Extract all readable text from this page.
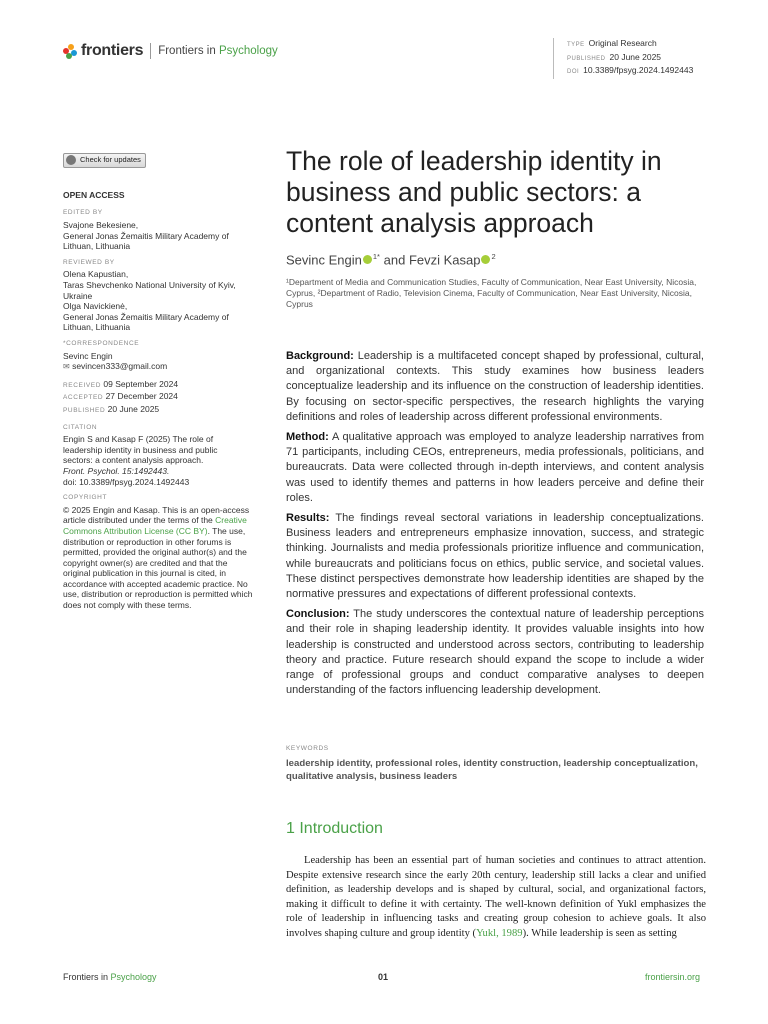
frontiers Frontiers in Psychology	TYPE Original Research
PUBLISHED 20 June 2025
DOI 10.3389/fpsyg.2024.1492443
Check for updates
OPEN ACCESS
EDITED BY
Svajone Bekesiene,
General Jonas Žemaitis Military Academy of
Lithuan, Lithuania
REVIEWED BY
Olena Kapustian,
Taras Shevchenko National University of Kyiv,
Ukraine
Olga Navickienė,
General Jonas Žemaitis Military Academy of
Lithuan, Lithuania
*CORRESPONDENCE
Sevinc Engin
✉ sevincen333@gmail.com
RECEIVED 09 September 2024
ACCEPTED 27 December 2024
PUBLISHED 20 June 2025
CITATION
Engin S and Kasap F (2025) The role of
leadership identity in business and public
sectors: a content analysis approach.
Front. Psychol. 15:1492443.
doi: 10.3389/fpsyg.2024.1492443
COPYRIGHT
© 2025 Engin and Kasap. This is an open-access article distributed under the terms of the Creative Commons Attribution License (CC BY). The use, distribution or reproduction in other forums is permitted, provided the original author(s) and the copyright owner(s) are credited and that the original publication in this journal is cited, in accordance with accepted academic practice. No use, distribution or reproduction is permitted which does not comply with these terms.
The role of leadership identity in business and public sectors: a content analysis approach
Sevinc Engin $^{1*}$ and Fevzi Kasap $^2$
¹Department of Media and Communication Studies, Faculty of Communication, Near East University, Nicosia, Cyprus, ²Department of Radio, Television Cinema, Faculty of Communication, Near East University, Nicosia, Cyprus

Background: Leadership is a multifaceted concept shaped by professional, cultural, and organizational contexts. This study examines how business leaders conceptualize leadership and its influence on the construction of leadership identities. By focusing on sector-specific perspectives, the research highlights the varying definitions and roles of leadership across different professional environments.

Method: A qualitative approach was employed to analyze leadership narratives from 71 participants, including CEOs, entrepreneurs, media professionals, politicians, and bureaucrats. Data were collected through in-depth interviews, and content analysis was used to identify themes and patterns in how leaders perceive and define their roles.

Results: The findings reveal sectoral variations in leadership conceptualizations. Business leaders and entrepreneurs emphasize innovation, success, and strategic thinking. Journalists and media professionals prioritize influence and communication, while bureaucrats and politicians focus on ethics, public service, and societal values. These distinct perspectives demonstrate how leadership identities are shaped by the normative pressures and expectations of different professional contexts.

Conclusion: The study underscores the contextual nature of leadership perceptions and their role in shaping leadership identity. It provides valuable insights into how leadership is constructed and understood across sectors, contributing to leadership theory and practice. Future research should expand the scope to include a wider range of professional groups and conduct comparative analyses to deepen understanding of the factors influencing leadership development.

KEYWORDS
leadership identity, professional roles, identity construction, leadership conceptualization, qualitative analysis, business leaders
1 Introduction

Leadership has been an essential part of human societies and continues to attract attention. Despite extensive research since the early 20th century, leadership still lacks a clear and unified definition, as leadership develops and is shaped by cultural, social, and organizational factors, making it difficult to define it with certainty. The well-known definition of Yukl emphasizes the role of leadership in influencing tasks and creating group cohesion to achieve goals. It also involves shaping culture and group identity (Yukl, 1989). While leadership is seen as setting

Frontiers in Psychology	01	frontiersin.org
